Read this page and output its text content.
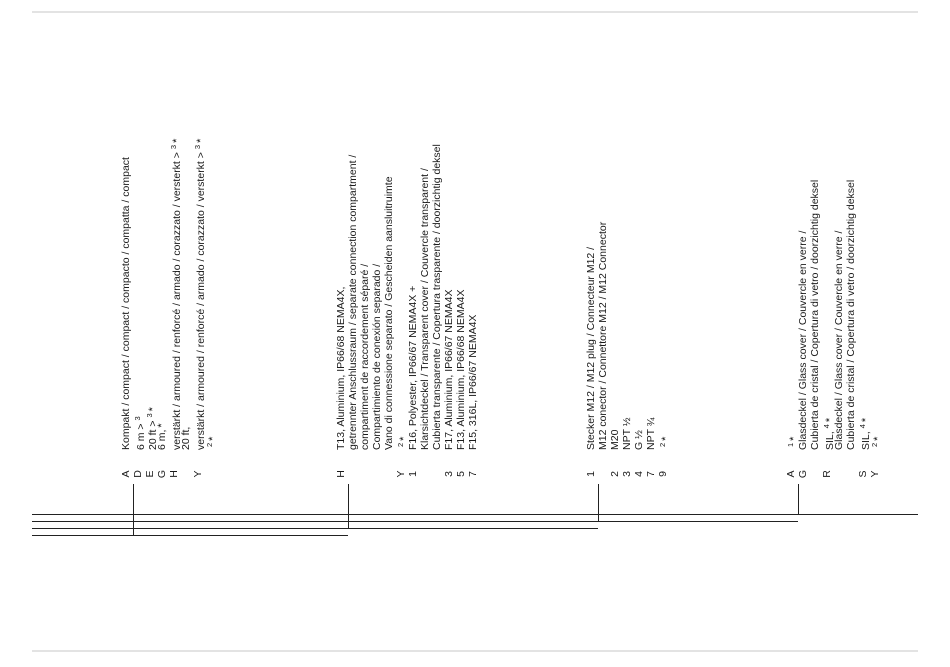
A
Kompakt / compact / compact / compacto / compatta / compact
D
6 m >$^3$
E
20 ft >$^3$*
G
6 m,*
H
verstärkt / armoured / renforcé / armado / corazzato / versterkt >$^3$*
20 ft,
Y
verstärkt / armoured / renforcé / armado / corazzato / versterkt >$^3$*
$^2$*
H
T13, Aluminium, IP66/68 NEMA4X, getrennter Anschlussraum / separate connection compartment / compartiment de raccordement séparé / Compartimiento de conexión separado / Vano di connessione separato / Gescheiden aansluitruimte
Y
$^2$*
1
F16, Polyester, IP66/67 NEMA4X + Klarsichtdeckel / Transparent cover / Couvercle transparent / Cubierta transparente / Copertura trasparente / doorzichtig deksel
3
F17, Aluminium, IP66/67 NEMA4X
5
F13, Aluminium, IP66/68 NEMA4X
7
F15, 316L, IP66/67 NEMA4X
1
Stecker M12 / M12 plug / Connecteur M12 / M12 conector / Connettore M12 / M12 Connector
2
M20
3
NPT ½
4
G ½
7
NPT ¾
9
$^2$*
A
$^1$*
G
Glasdeckel / Glass cover / Couvercle en verre / Cubierta de cristal / Copertura di vetro / doorzichtig deksel
R
SIL,$^4$*
Glasdeckel / Glass cover / Couvercle en verre / Cubierta de cristal / Copertura di vetro / doorzichtig deksel
S
SIL,$^4$*
Y
$^2$*
